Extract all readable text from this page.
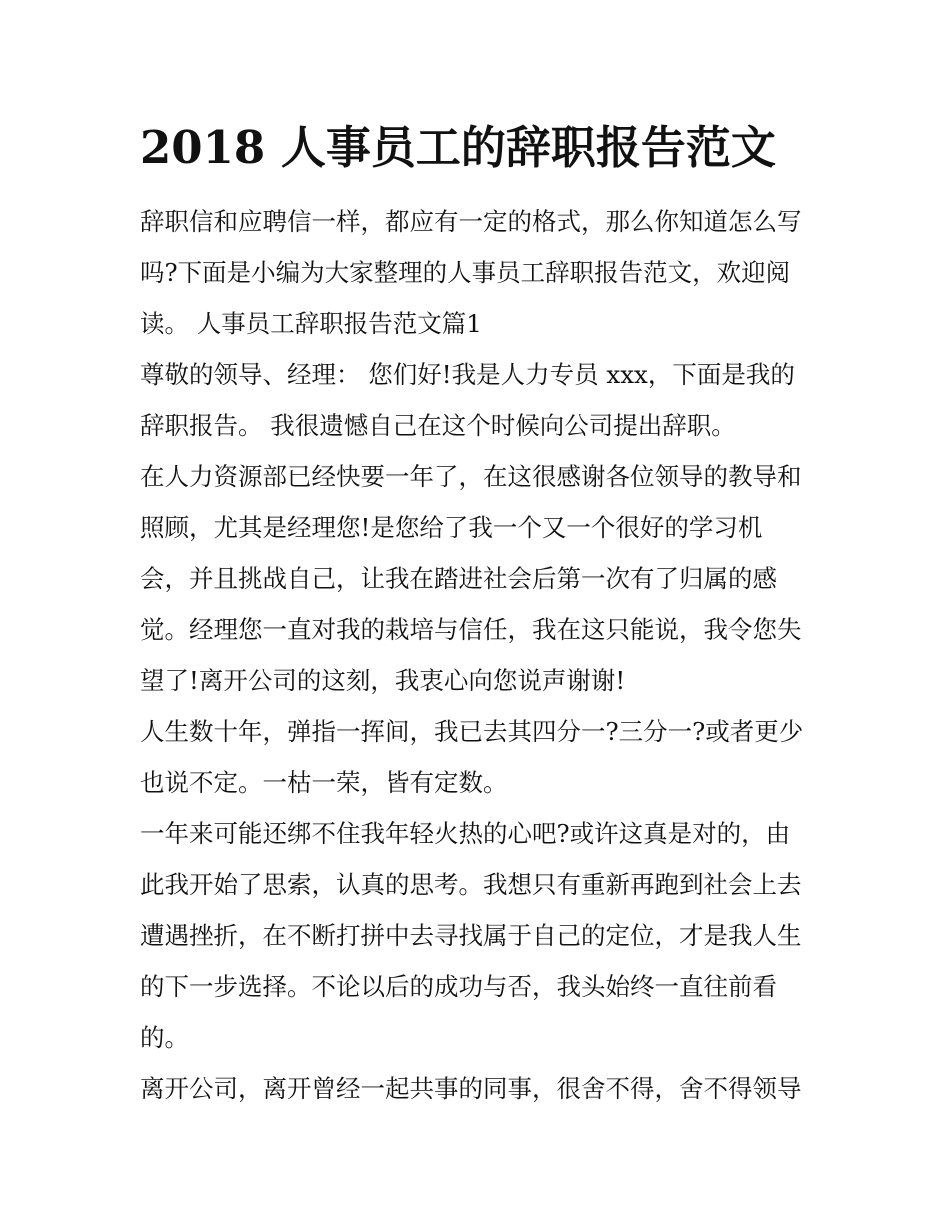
2018 人事员工的辞职报告范文

辞职信和应聘信一样，都应有一定的格式，那么你知道怎么写

吗?下面是小编为大家整理的人事员工辞职报告范文，欢迎阅

读。 人事员工辞职报告范文篇1

尊敬的领导、经理： 您们好!我是人力专员 xxx，下面是我的

辞职报告。 我很遗憾自己在这个时候向公司提出辞职。

在人力资源部已经快要一年了，在这很感谢各位领导的教导和

照顾，尤其是经理您!是您给了我一个又一个很好的学习机

会，并且挑战自己，让我在踏进社会后第一次有了归属的感

觉。经理您一直对我的栽培与信任，我在这只能说，我令您失

望了!离开公司的这刻，我衷心向您说声谢谢!

人生数十年，弹指一挥间，我已去其四分一?三分一?或者更少

也说不定。一枯一荣，皆有定数。

一年来可能还绑不住我年轻火热的心吧?或许这真是对的，由

此我开始了思索，认真的思考。我想只有重新再跑到社会上去

遭遇挫折，在不断打拼中去寻找属于自己的定位，才是我人生

的下一步选择。不论以后的成功与否，我头始终一直往前看

的。

离开公司，离开曾经一起共事的同事，很舍不得，舍不得领导
